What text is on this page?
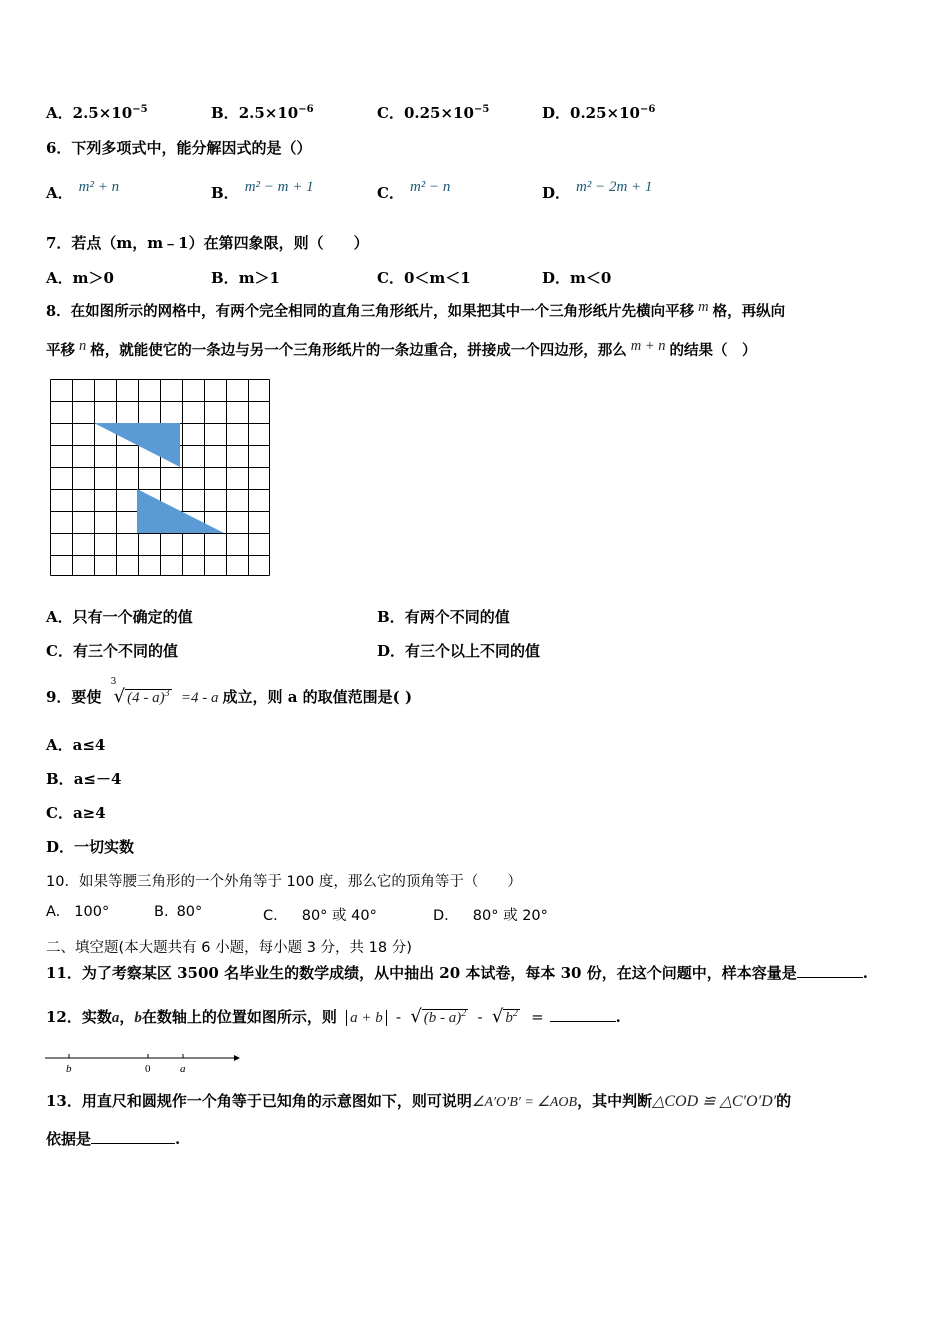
A．$2.5\times 10^{-5}$	B．$2.5\times 10^{-6}$	C．$0.25\times 10^{-5}$	D．$0.25\times 10^{-6}$
6．下列多项式中，能分解因式的是（）
A． m² + n	B． m² − m + 1	C． m² − n	D． m² − 2m + 1
7．若点（m，m﹣1）在第四象限，则（　　）
A．m＞0	B．m＞1	C．0＜m＜1	D．m＜0
8．在如图所示的网格中，有两个完全相同的直角三角形纸片，如果把其中一个三角形纸片先横向平移 m 格，再纵向
平移 n 格，就能使它的一条边与另一个三角形纸片的一条边重合，拼接成一个四边形，那么 m + n 的结果（　）
A．只有一个确定的值	B．有两个不同的值
C．有三个不同的值	D．有三个以上不同的值
9．要使
3
√ (4 - a)$^3$ =4 - a 成立，则 a 的取值范围是( )
A．a≤4
B．a≤－4
C．a≥4
D．一切实数
10．如果等腰三角形的一个外角等于 100 度，那么它的顶角等于（　　）
A. 100°	B. 80°	C. 80° 或 40°	D. 80° 或 20°
二、填空题(本大题共有 6 小题，每小题 3 分，共 18 分)
11．为了考察某区 3500 名毕业生的数学成绩，从中抽出 20 本试卷，每本 30 份，在这个问题中，样本容量是	.
12．实数a，b在数轴上的位置如图所示，则 a + b - √ (b - a)$^2$ - √ $b^2$ =	.
b	0	a
13．用直尺和圆规作一个角等于已知角的示意图如下，则可说明∠A′O′B′ = ∠AOB，其中判断△COD ≌ △C′O′D′的
依据是	.
